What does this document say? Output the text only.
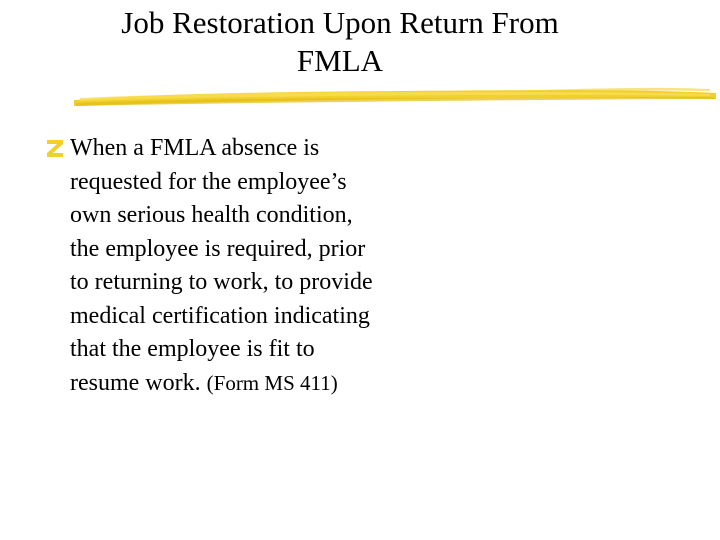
Job Restoration Upon Return From
FMLA
When a FMLA absence is requested for the employee’s own serious health condition, the employee is required, prior to returning to work, to provide medical certification indicating that the employee is fit to resume work. (Form MS 411)
